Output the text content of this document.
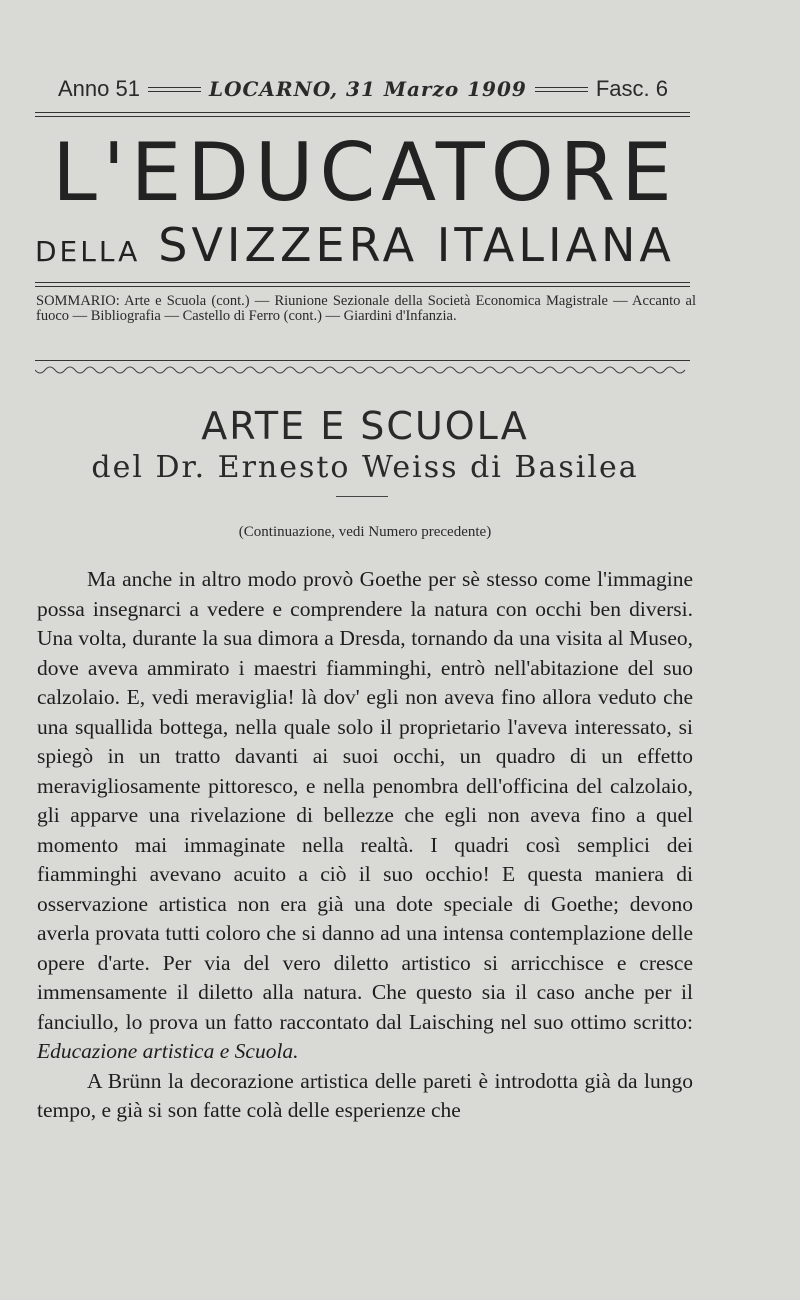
Anno 51	LOCARNO, 31 Marzo 1909	Fasc. 6
L'EDUCATORE
DELLA SVIZZERA ITALIANA
SOMMARIO: Arte e Scuola (cont.) — Riunione Sezionale della Società Economica Magistrale — Accanto al fuoco — Bibliografia — Castello di Ferro (cont.) — Giardini d'Infanzia.
ARTE E SCUOLA
del Dr. Ernesto Weiss di Basilea
(Continuazione, vedi Numero precedente)

Ma anche in altro modo provò Goethe per sè stesso come l'immagine possa insegnarci a vedere e comprendere la natura con occhi ben diversi. Una volta, durante la sua dimora a Dresda, tornando da una visita al Museo, dove aveva ammirato i maestri fiamminghi, entrò nell'abitazione del suo calzolaio. E, vedi meraviglia! là dov' egli non aveva fino allora veduto che una squallida bottega, nella quale solo il proprietario l'aveva interessato, si spiegò in un tratto davanti ai suoi occhi, un quadro di un effetto meravigliosamente pittoresco, e nella penombra dell'officina del calzolaio, gli apparve una rivelazione di bellezze che egli non aveva fino a quel momento mai immaginate nella realtà. I quadri così semplici dei fiamminghi avevano acuito a ciò il suo occhio! E questa maniera di osservazione artistica non era già una dote speciale di Goethe; devono averla provata tutti coloro che si danno ad una intensa contemplazione delle opere d'arte. Per via del vero diletto artistico si arricchisce e cresce immensamente il diletto alla natura. Che questo sia il caso anche per il fanciullo, lo prova un fatto raccontato dal Laisching nel suo ottimo scritto: Educazione artistica e Scuola.

A Brünn la decorazione artistica delle pareti è introdotta già da lungo tempo, e già si son fatte colà delle esperienze che
